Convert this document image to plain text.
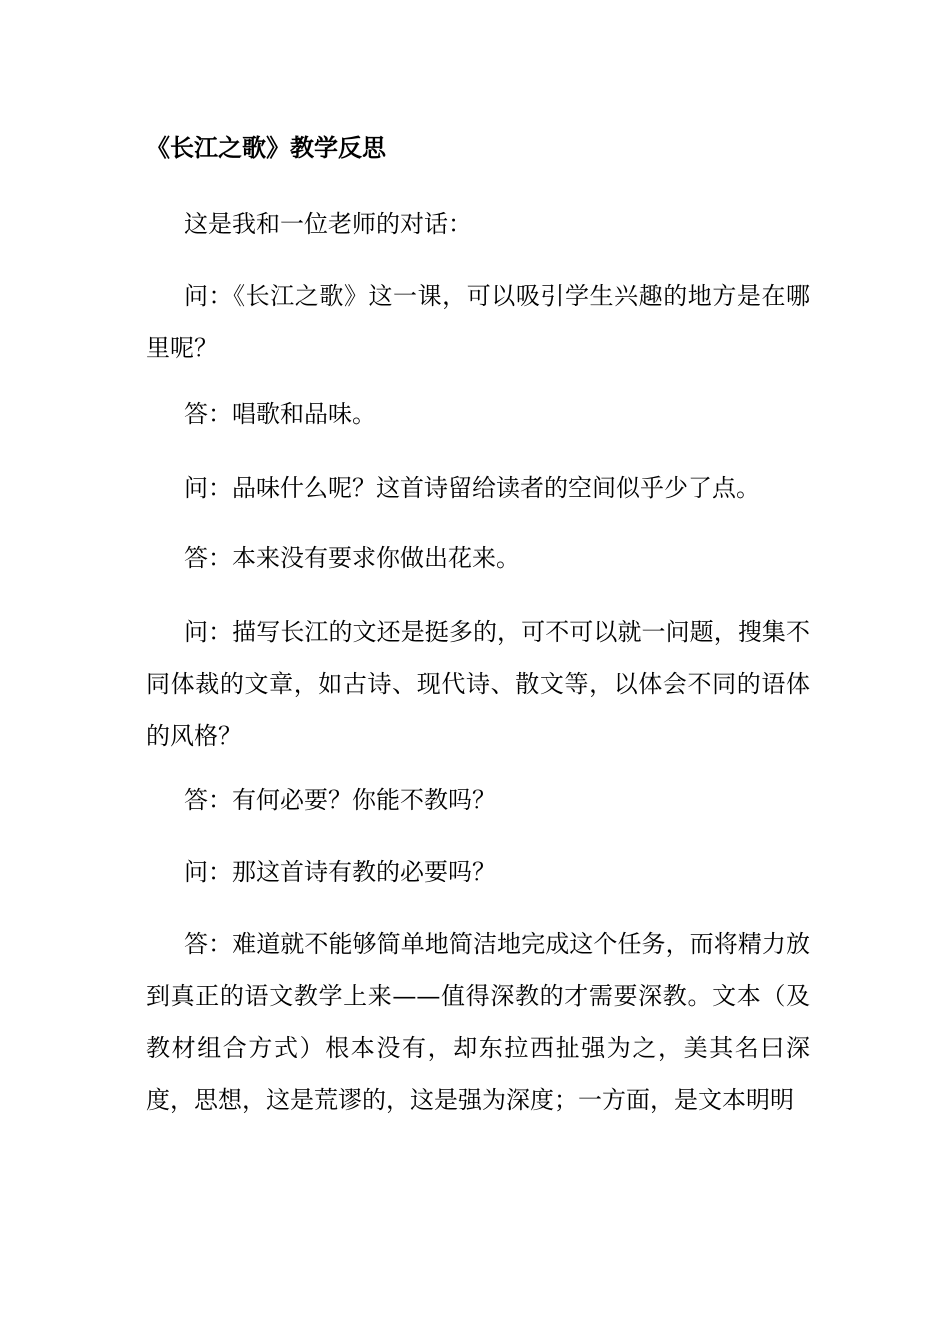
《长江之歌》教学反思

这是我和一位老师的对话：

问：《长江之歌》这一课，可以吸引学生兴趣的地方是在哪里呢？

答：唱歌和品味。

问：品味什么呢？这首诗留给读者的空间似乎少了点。

答：本来没有要求你做出花来。

问：描写长江的文还是挺多的，可不可以就一问题，搜集不同体裁的文章，如古诗、现代诗、散文等，以体会不同的语体的风格？

答：有何必要？你能不教吗？

问：那这首诗有教的必要吗？

答：难道就不能够简单地简洁地完成这个任务，而将精力放到真正的语文教学上来——值得深教的才需要深教。文本（及教材组合方式）根本没有，却东拉西扯强为之，美其名曰深度，思想，这是荒谬的，这是强为深度；一方面，是文本明明
